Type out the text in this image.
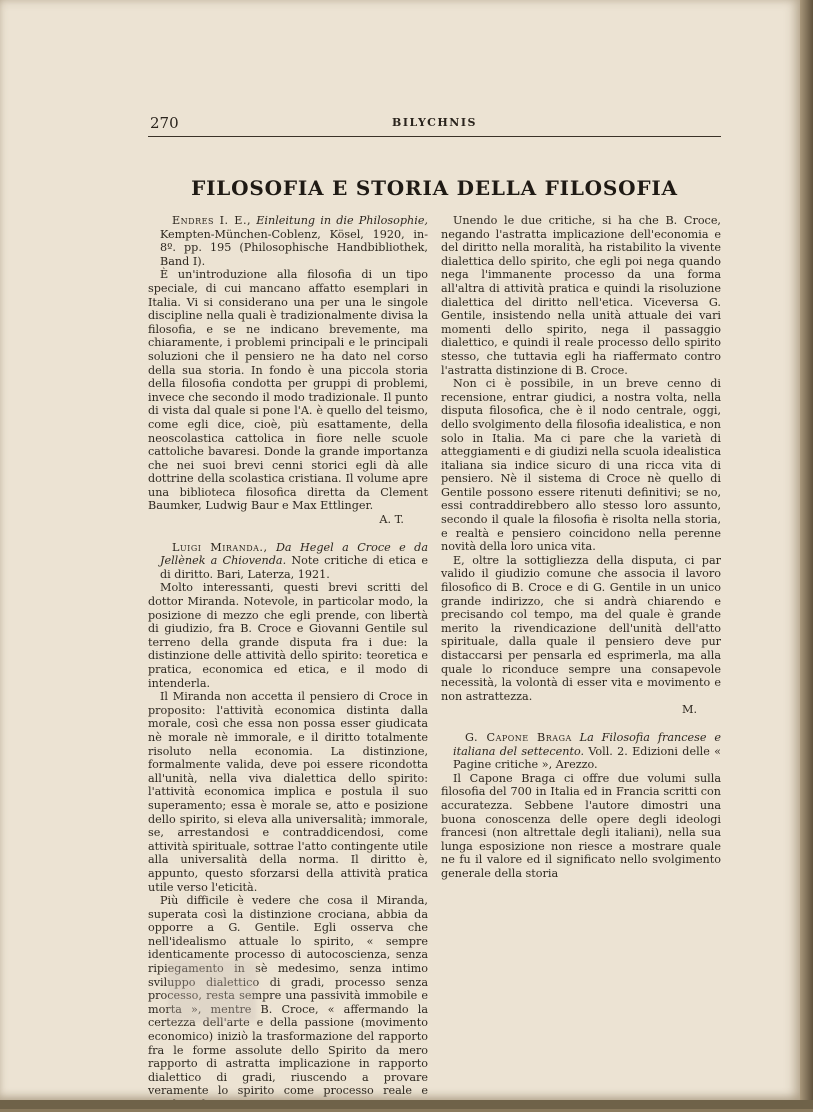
270	BILYCHNIS
FILOSOFIA E STORIA DELLA FILOSOFIA

Endres I. E., Einleitung in die Philosophie, Kempten-München-Coblenz, Kösel, 1920, in-8º. pp. 195 (Philosophische Handbibliothek, Band I).

È un'introduzione alla filosofia di un tipo speciale, di cui mancano affatto esemplari in Italia. Vi si considerano una per una le singole discipline nella quali è tradizionalmente divisa la filosofia, e se ne indicano brevemente, ma chiaramente, i problemi principali e le principali soluzioni che il pensiero ne ha dato nel corso della sua storia. In fondo è una piccola storia della filosofia condotta per gruppi di problemi, invece che secondo il modo tradizionale. Il punto di vista dal quale si pone l'A. è quello del teismo, come egli dice, cioè, più esattamente, della neoscolastica cattolica in fiore nelle scuole cattoliche bavaresi. Donde la grande importanza che nei suoi brevi cenni storici egli dà alle dottrine della scolastica cristiana. Il volume apre una biblioteca filosofica diretta da Clement Baumker, Ludwig Baur e Max Ettlinger.
A. T.

Luigi Miranda., Da Hegel a Croce e da Jellènek a Chiovenda. Note critiche di etica e di diritto. Bari, Laterza, 1921.

Molto interessanti, questi brevi scritti del dottor Miranda. Notevole, in particolar modo, la posizione di mezzo che egli prende, con libertà di giudizio, fra B. Croce e Giovanni Gentile sul terreno della grande disputa fra i due: la distinzione delle attività dello spirito: teoretica e pratica, economica ed etica, e il modo di intenderla.

Il Miranda non accetta il pensiero di Croce in proposito: l'attività economica distinta dalla morale, così che essa non possa esser giudicata nè morale nè immorale, e il diritto totalmente risoluto nella economia. La distinzione, formalmente valida, deve poi essere ricondotta all'unità, nella viva dialettica dello spirito: l'attività economica implica e postula il suo superamento; essa è morale se, atto e posizione dello spirito, si eleva alla universalità; immorale, se, arrestandosi e contraddicendosi, come attività spirituale, sottrae l'atto contingente utile alla universalità della norma. Il diritto è, appunto, questo sforzarsi della attività pratica utile verso l'eticità.

Più difficile è vedere che cosa il Miranda, superata così la distinzione crociana, abbia da opporre a G. Gentile. Egli osserva che nell'idealismo attuale lo spirito, « sempre identicamente processo di autocoscienza, senza ripiegamento in sè medesimo, senza intimo sviluppo dialettico di gradi, processo senza processo, resta sempre una passività immobile e morta », mentre B. Croce, « affermando la certezza dell'arte e della passione (movimento economico) iniziò la trasformazione del rapporto fra le forme assolute dello Spirito da mero rapporto di astratta implicazione in rapporto dialettico di gradi, riuscendo a provare veramente lo spirito come processo reale e

Unendo le due critiche, si ha che B. Croce, negando l'astratta implicazione dell'economia e del diritto nella moralità, ha ristabilito la vivente dialettica dello spirito, che egli poi nega quando nega l'immanente processo da una forma all'altra di attività pratica e quindi la risoluzione dialettica del diritto nell'etica. Viceversa G. Gentile, insistendo nella unità attuale dei vari momenti dello spirito, nega il passaggio dialettico, e quindi il reale processo dello spirito stesso, che tuttavia egli ha riaffermato contro l'astratta distinzione di B. Croce.

Non ci è possibile, in un breve cenno di recensione, entrar giudici, a nostra volta, nella disputa filosofica, che è il nodo centrale, oggi, dello svolgimento della filosofia idealistica, e non solo in Italia. Ma ci pare che la varietà di atteggiamenti e di giudizi nella scuola idealistica italiana sia indice sicuro di una ricca vita di pensiero. Nè il sistema di Croce nè quello di Gentile possono essere ritenuti definitivi; se no, essi contraddirebbero allo stesso loro assunto, secondo il quale la filosofia è risolta nella storia, e realtà e pensiero coincidono nella perenne novità della loro unica vita.

E, oltre la sottigliezza della disputa, ci par valido il giudizio comune che associa il lavoro filosofico di B. Croce e di G. Gentile in un unico grande indirizzo, che si andrà chiarendo e precisando col tempo, ma del quale è grande merito la rivendicazione dell'unità dell'atto spirituale, dalla quale il pensiero deve pur distaccarsi per pensarla ed esprimerla, ma alla quale lo riconduce sempre una consapevole necessità, la volontà di esser vita e movimento e non astrattezza.
M.

G. Capone Braga La Filosofia francese e italiana del settecento. Voll. 2. Edizioni delle « Pagine critiche », Arezzo.

Il Capone Braga ci offre due volumi sulla filosofia del 700 in Italia ed in Francia scritti con accuratezza. Sebbene l'autore dimostri una buona conoscenza delle opere degli ideologi francesi (non altrettale degli italiani), nella sua lunga esposizione non riesce a mostrare quale ne fu il valore ed il significato nello svolgimento generale della storia
